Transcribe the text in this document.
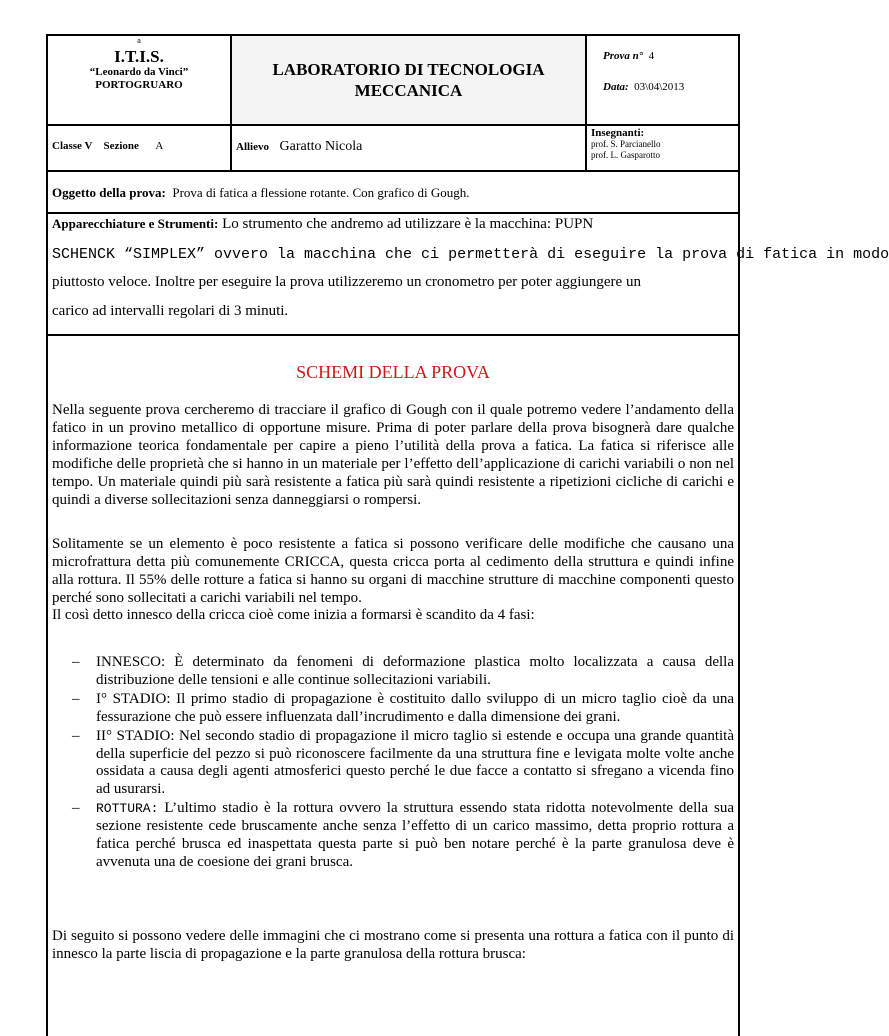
a
I.T.I.S.
“Leonardo da Vinci”
PORTOGRUARO
LABORATORIO DI TECNOLOGIA
MECCANICA
Prova n° 4
Data: 03\04\2013
Classe V Sezione A	Allievo Garatto Nicola
Insegnanti:
prof. S. Parcianello
prof. L. Gasparotto
Oggetto della prova: Prova di fatica a flessione rotante. Con grafico di Gough.
Apparecchiature e Strumenti: Lo strumento che andremo ad utilizzare è la macchina: PUPN
SCHENCK “SIMPLEX” ovvero la macchina che ci permetterà di eseguire la prova di fatica in modo
piuttosto veloce. Inoltre per eseguire la prova utilizzeremo un cronometro per poter aggiungere un
carico ad intervalli regolari di 3 minuti.
SCHEMI DELLA PROVA
Nella seguente prova cercheremo di tracciare il grafico di Gough con il quale potremo vedere l’andamento della fatico in un provino metallico di opportune misure. Prima di poter parlare della prova bisognerà dare qualche informazione teorica fondamentale per capire a pieno l’utilità della prova a fatica. La fatica si riferisce alle modifiche delle proprietà che si hanno in un materiale per l’effetto dell’applicazione di carichi variabili o non nel tempo. Un materiale quindi più sarà resistente a fatica più sarà quindi resistente a ripetizioni cicliche di carichi e quindi a diverse sollecitazioni senza danneggiarsi o rompersi.
Solitamente se un elemento è poco resistente a fatica si possono verificare delle modifiche che causano una microfrattura detta più comunemente CRICCA, questa cricca porta al cedimento della struttura e quindi infine alla rottura. Il 55% delle rotture a fatica si hanno su organi di macchine strutture di macchine componenti questo perché sono sollecitati a carichi variabili nel tempo.
Il così detto innesco della cricca cioè come inizia a formarsi è scandito da 4 fasi:
– INNESCO: È determinato da fenomeni di deformazione plastica molto localizzata a causa della distribuzione delle tensioni e alle continue sollecitazioni variabili.
– I° STADIO: Il primo stadio di propagazione è costituito dallo sviluppo di un micro taglio cioè da una fessurazione che può essere influenzata dall’incrudimento e dalla dimensione dei grani.
– II° STADIO: Nel secondo stadio di propagazione il micro taglio si estende e occupa una grande quantità della superficie del pezzo si può riconoscere facilmente da una struttura fine e levigata molte volte anche ossidata a causa degli agenti atmosferici questo perché le due facce a contatto si sfregano a vicenda fino ad usurarsi.
– ROTTURA: L’ultimo stadio è la rottura ovvero la struttura essendo stata ridotta notevolmente della sua sezione resistente cede bruscamente anche senza l’effetto di un carico massimo, detta proprio rottura a fatica perché brusca ed inaspettata questa parte si può ben notare perché è la parte granulosa deve è avvenuta una de coesione dei grani brusca.
Di seguito si possono vedere delle immagini che ci mostrano come si presenta una rottura a fatica con il punto di innesco la parte liscia di propagazione e la parte granulosa della rottura brusca:
